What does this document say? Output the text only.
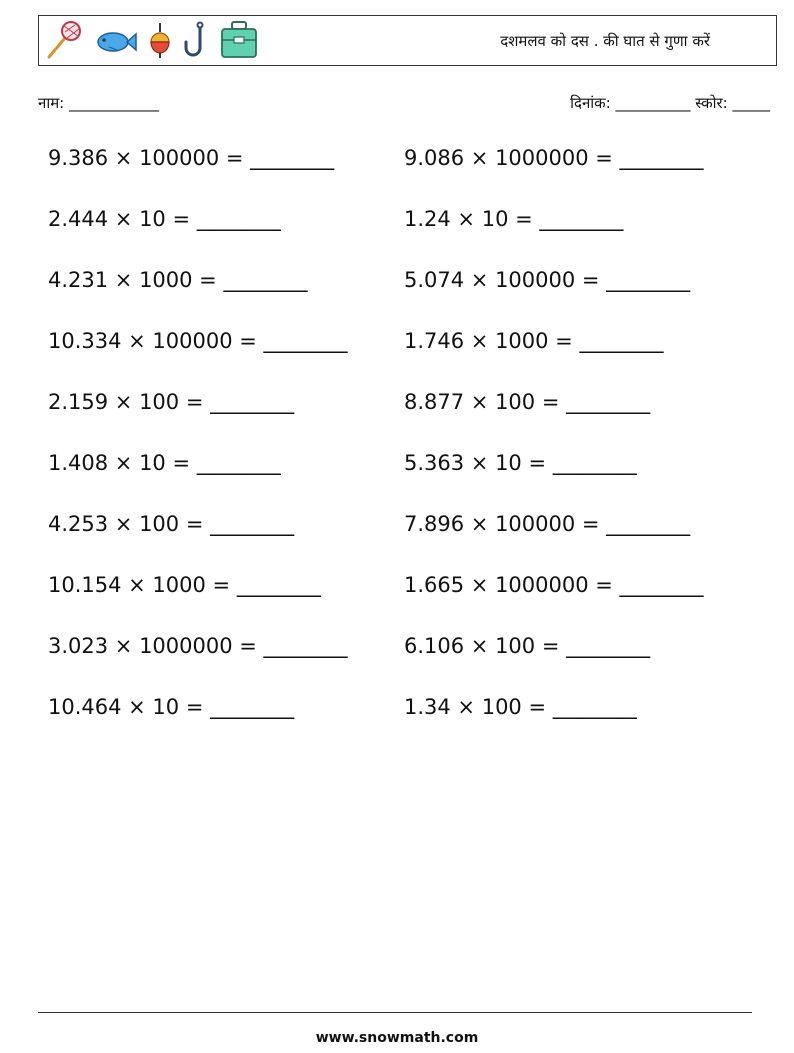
दशमलव को दस . की घात से गुणा करें
नाम: ____________	दिनांक: __________ स्कोर: _____
9.386 × 100000 = ________	9.086 × 1000000 = ________
2.444 × 10 = ________	1.24 × 10 = ________
4.231 × 1000 = ________	5.074 × 100000 = ________
10.334 × 100000 = ________	1.746 × 1000 = ________
2.159 × 100 = ________	8.877 × 100 = ________
1.408 × 10 = ________	5.363 × 10 = ________
4.253 × 100 = ________	7.896 × 100000 = ________
10.154 × 1000 = ________	1.665 × 1000000 = ________
3.023 × 1000000 = ________	6.106 × 100 = ________
10.464 × 10 = ________	1.34 × 100 = ________
www.snowmath.com
